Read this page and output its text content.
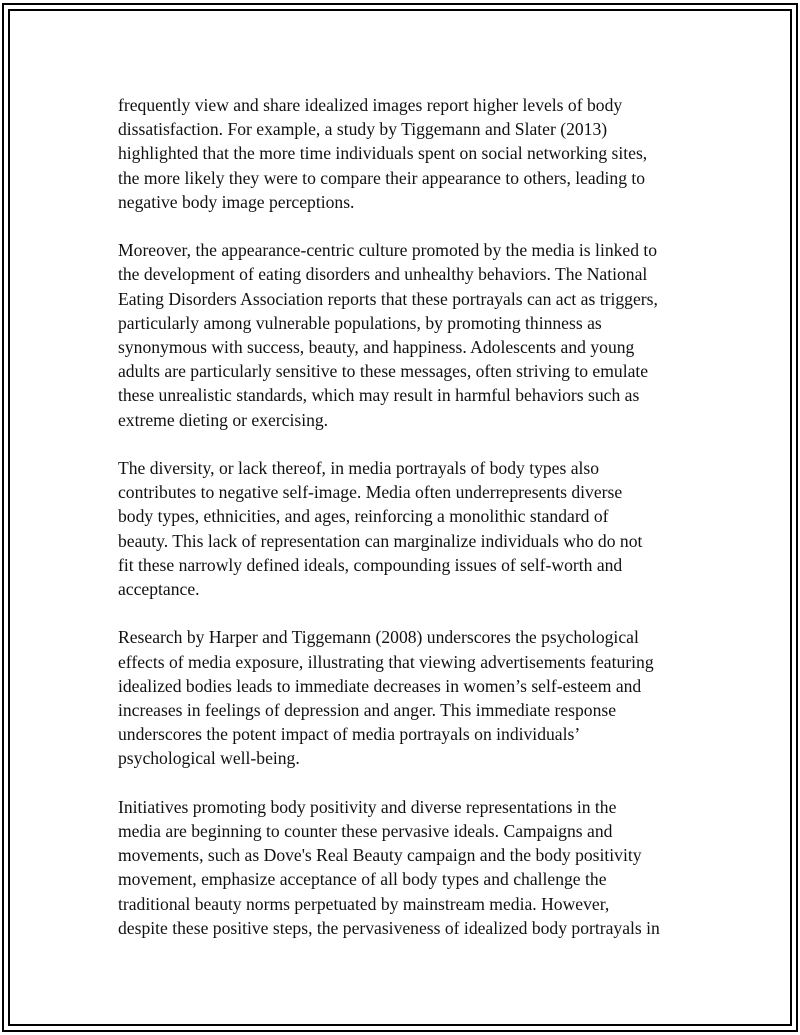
frequently view and share idealized images report higher levels of body
dissatisfaction. For example, a study by Tiggemann and Slater (2013)
highlighted that the more time individuals spent on social networking sites,
the more likely they were to compare their appearance to others, leading to
negative body image perceptions.

Moreover, the appearance-centric culture promoted by the media is linked to
the development of eating disorders and unhealthy behaviors. The National
Eating Disorders Association reports that these portrayals can act as triggers,
particularly among vulnerable populations, by promoting thinness as
synonymous with success, beauty, and happiness. Adolescents and young
adults are particularly sensitive to these messages, often striving to emulate
these unrealistic standards, which may result in harmful behaviors such as
extreme dieting or exercising.

The diversity, or lack thereof, in media portrayals of body types also
contributes to negative self-image. Media often underrepresents diverse
body types, ethnicities, and ages, reinforcing a monolithic standard of
beauty. This lack of representation can marginalize individuals who do not
fit these narrowly defined ideals, compounding issues of self-worth and
acceptance.

Research by Harper and Tiggemann (2008) underscores the psychological
effects of media exposure, illustrating that viewing advertisements featuring
idealized bodies leads to immediate decreases in women’s self-esteem and
increases in feelings of depression and anger. This immediate response
underscores the potent impact of media portrayals on individuals’
psychological well-being.

Initiatives promoting body positivity and diverse representations in the
media are beginning to counter these pervasive ideals. Campaigns and
movements, such as Dove's Real Beauty campaign and the body positivity
movement, emphasize acceptance of all body types and challenge the
traditional beauty norms perpetuated by mainstream media. However,
despite these positive steps, the pervasiveness of idealized body portrayals in
